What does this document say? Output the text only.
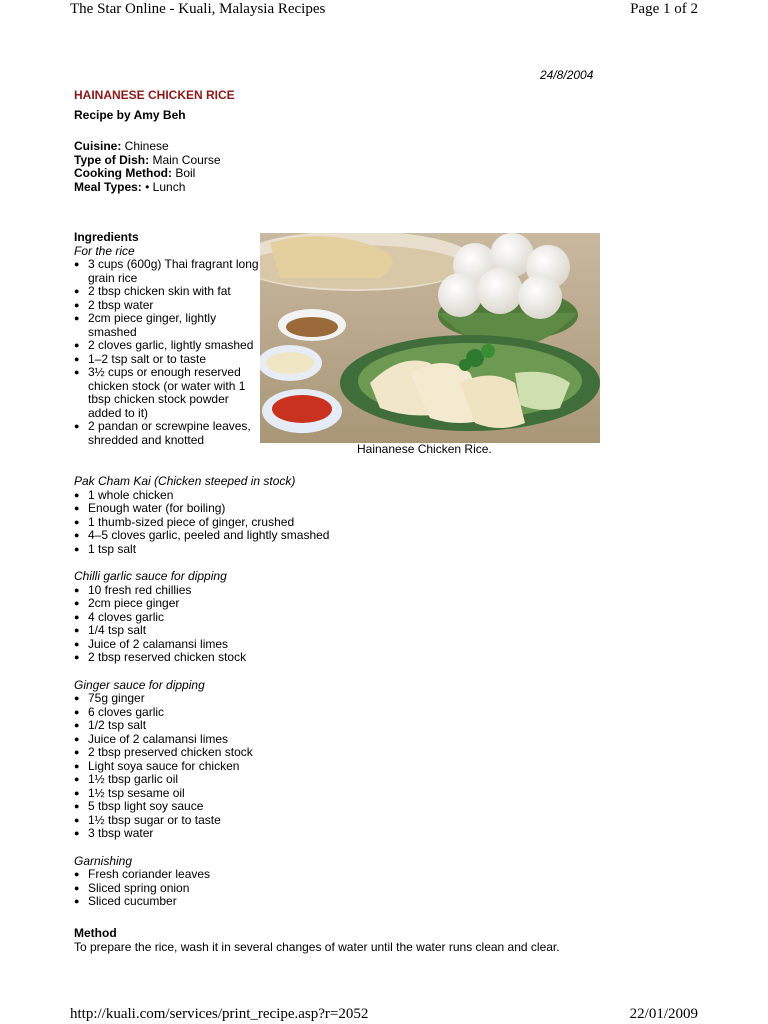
The Star Online - Kuali, Malaysia Recipes	Page 1 of 2
24/8/2004
HAINANESE CHICKEN RICE
Recipe by Amy Beh
Cuisine: Chinese
Type of Dish: Main Course
Cooking Method: Boil
Meal Types: • Lunch
Ingredients
For the rice
● 3 cups (600g) Thai fragrant long grain rice
● 2 tbsp chicken skin with fat
● 2 tbsp water
● 2cm piece ginger, lightly smashed
● 2 cloves garlic, lightly smashed
● 1–2 tsp salt or to taste
● 3½ cups or enough reserved chicken stock (or water with 1 tbsp chicken stock powder added to it)
● 2 pandan or screwpine leaves, shredded and knotted
Hainanese Chicken Rice.
Pak Cham Kai (Chicken steeped in stock)
● 1 whole chicken
● Enough water (for boiling)
● 1 thumb-sized piece of ginger, crushed
● 4–5 cloves garlic, peeled and lightly smashed
● 1 tsp salt
Chilli garlic sauce for dipping
● 10 fresh red chillies
● 2cm piece ginger
● 4 cloves garlic
● 1/4 tsp salt
● Juice of 2 calamansi limes
● 2 tbsp reserved chicken stock
Ginger sauce for dipping
● 75g ginger
● 6 cloves garlic
● 1/2 tsp salt
● Juice of 2 calamansi limes
● 2 tbsp preserved chicken stock
● Light soya sauce for chicken
● 1½ tbsp garlic oil
● 1½ tsp sesame oil
● 5 tbsp light soy sauce
● 1½ tbsp sugar or to taste
● 3 tbsp water
Garnishing
● Fresh coriander leaves
● Sliced spring onion
● Sliced cucumber
Method
To prepare the rice, wash it in several changes of water until the water runs clean and clear.
http://kuali.com/services/print_recipe.asp?r=2052	22/01/2009
